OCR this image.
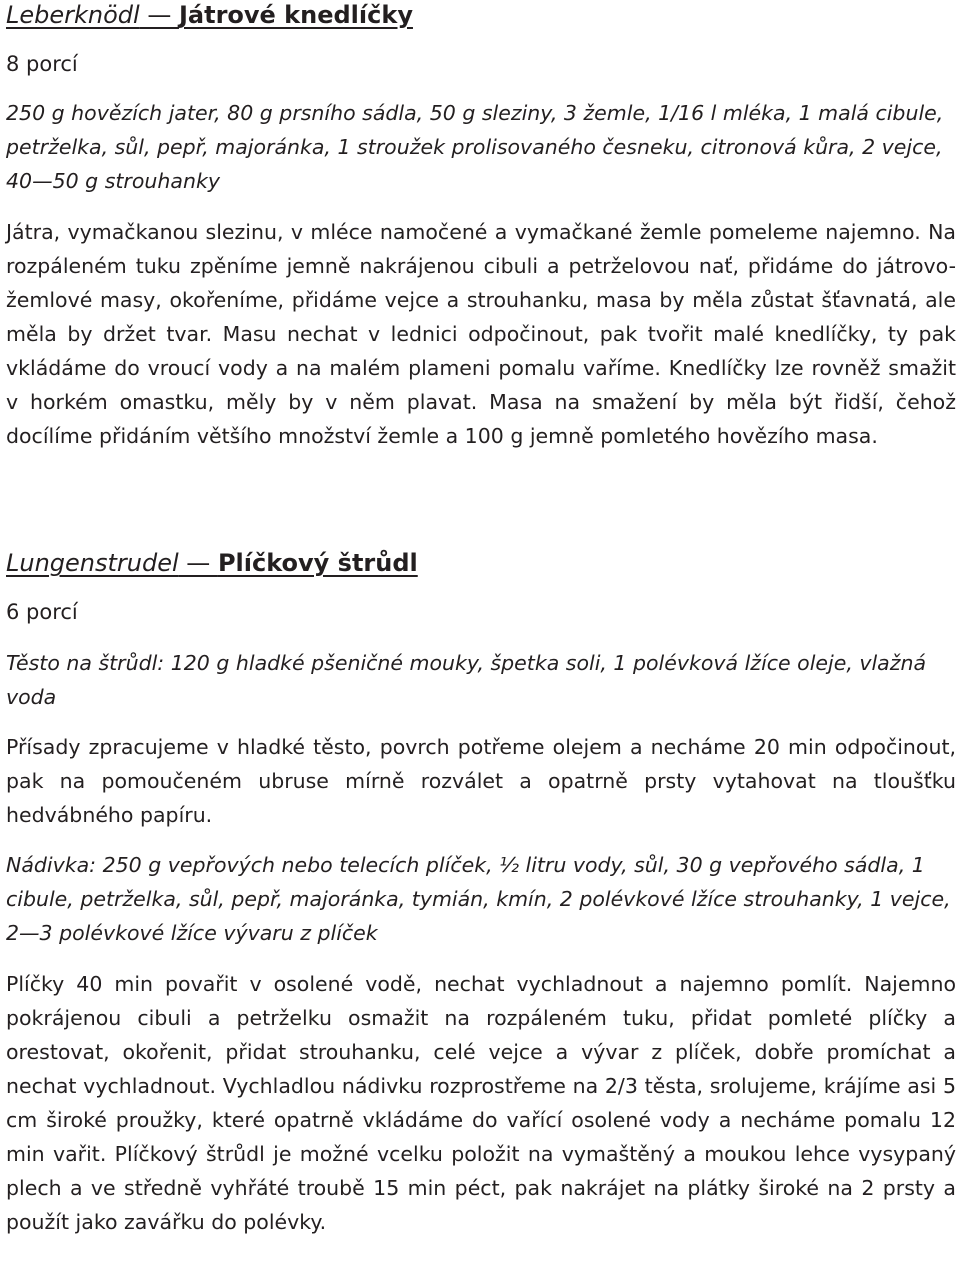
Leberknödl — Játrové knedlíčky

8 porcí

250 g hovězích jater, 80 g prsního sádla, 50 g sleziny, 3 žemle, 1/16 l mléka, 1 malá cibule, petrželka, sůl, pepř, majoránka, 1 stroužek prolisovaného česneku, citronová kůra, 2 vejce, 40—50 g strouhanky

Játra, vymačkanou slezinu, v mléce namočené a vymačkané žemle pomeleme najemno. Na rozpáleném tuku zpěníme jemně nakrájenou cibuli a petrželovou nať, přidáme do játrovo-žemlové masy, okořeníme, přidáme vejce a strouhanku, masa by měla zůstat šťavnatá, ale měla by držet tvar. Masu nechat v lednici odpočinout, pak tvořit malé knedlíčky, ty pak vkládáme do vroucí vody a na malém plameni pomalu vaříme. Knedlíčky lze rovněž smažit v horkém omastku, měly by v něm plavat. Masa na smažení by měla být řidší, čehož docílíme přidáním většího množství žemle a 100 g jemně pomletého hovězího masa.

Lungenstrudel — Plíčkový štrůdl

6 porcí

Těsto na štrůdl: 120 g hladké pšeničné mouky, špetka soli, 1 polévková lžíce oleje, vlažná voda

Přísady zpracujeme v hladké těsto, povrch potřeme olejem a necháme 20 min odpočinout, pak na pomoučeném ubruse mírně rozválet a opatrně prsty vytahovat na tloušťku hedvábného papíru.

Nádivka: 250 g vepřových nebo telecích plíček, ½ litru vody, sůl, 30 g vepřového sádla, 1 cibule, petrželka, sůl, pepř, majoránka, tymián, kmín, 2 polévkové lžíce strouhanky, 1 vejce, 2—3 polévkové lžíce vývaru z plíček

Plíčky 40 min povařit v osolené vodě, nechat vychladnout a najemno pomlít. Najemno pokrájenou cibuli a petrželku osmažit na rozpáleném tuku, přidat pomleté plíčky a orestovat, okořenit, přidat strouhanku, celé vejce a vývar z plíček, dobře promíchat a nechat vychladnout. Vychladlou nádivku rozprostřeme na 2/3 těsta, srolujeme, krájíme asi 5 cm široké proužky, které opatrně vkládáme do vařící osolené vody a necháme pomalu 12 min vařit. Plíčkový štrůdl je možné vcelku položit na vymaštěný a moukou lehce vysypaný plech a ve středně vyhřáté troubě 15 min péct, pak nakrájet na plátky široké na 2 prsty a použít jako zavářku do polévky.
